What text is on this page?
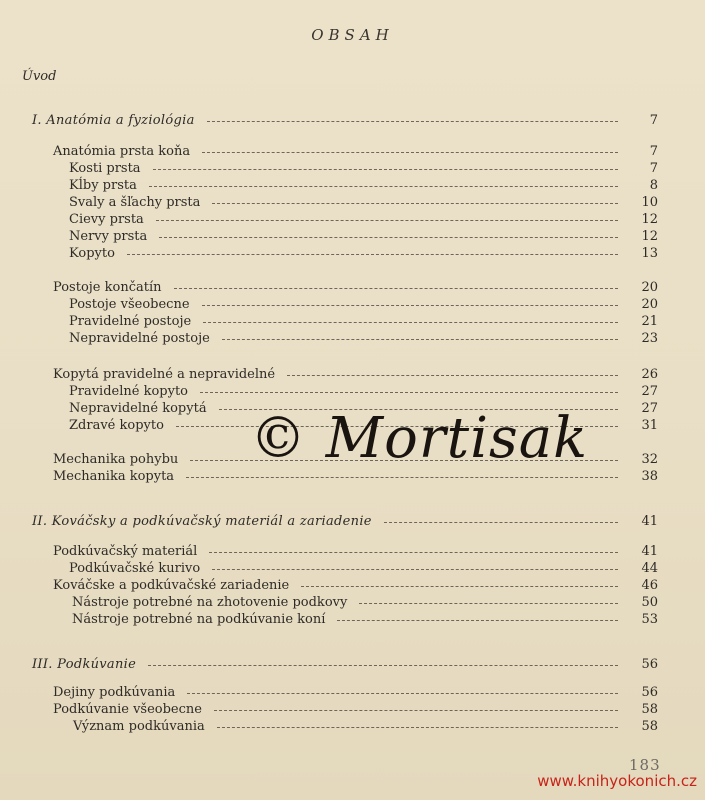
OBSAH
Úvod
I. Anatómia a fyziológia	7
Anatómia prsta koňa	7
Kosti prsta	7
Kĺby prsta	8
Svaly a šľachy prsta	10
Cievy prsta	12
Nervy prsta	12
Kopyto	13
Postoje končatín	20
Postoje všeobecne	20
Pravidelné postoje	21
Nepravidelné postoje	23
Kopytá pravidelné a nepravidelné	26
Pravidelné kopyto	27
Nepravidelné kopytá	27
Zdravé kopyto	31
Mechanika pohybu	32
Mechanika kopyta	38
II. Kováčsky a podkúvačský materiál a zariadenie	41
Podkúvačský materiál	41
Podkúvačské kurivo	44
Kováčske a podkúvačské zariadenie	46
Nástroje potrebné na zhotovenie podkovy	50
Nástroje potrebné na podkúvanie koní	53
III. Podkúvanie	56
Dejiny podkúvania	56
Podkúvanie všeobecne	58
Význam podkúvania	58
© Mortisak
183
www.knihyokonich.cz
